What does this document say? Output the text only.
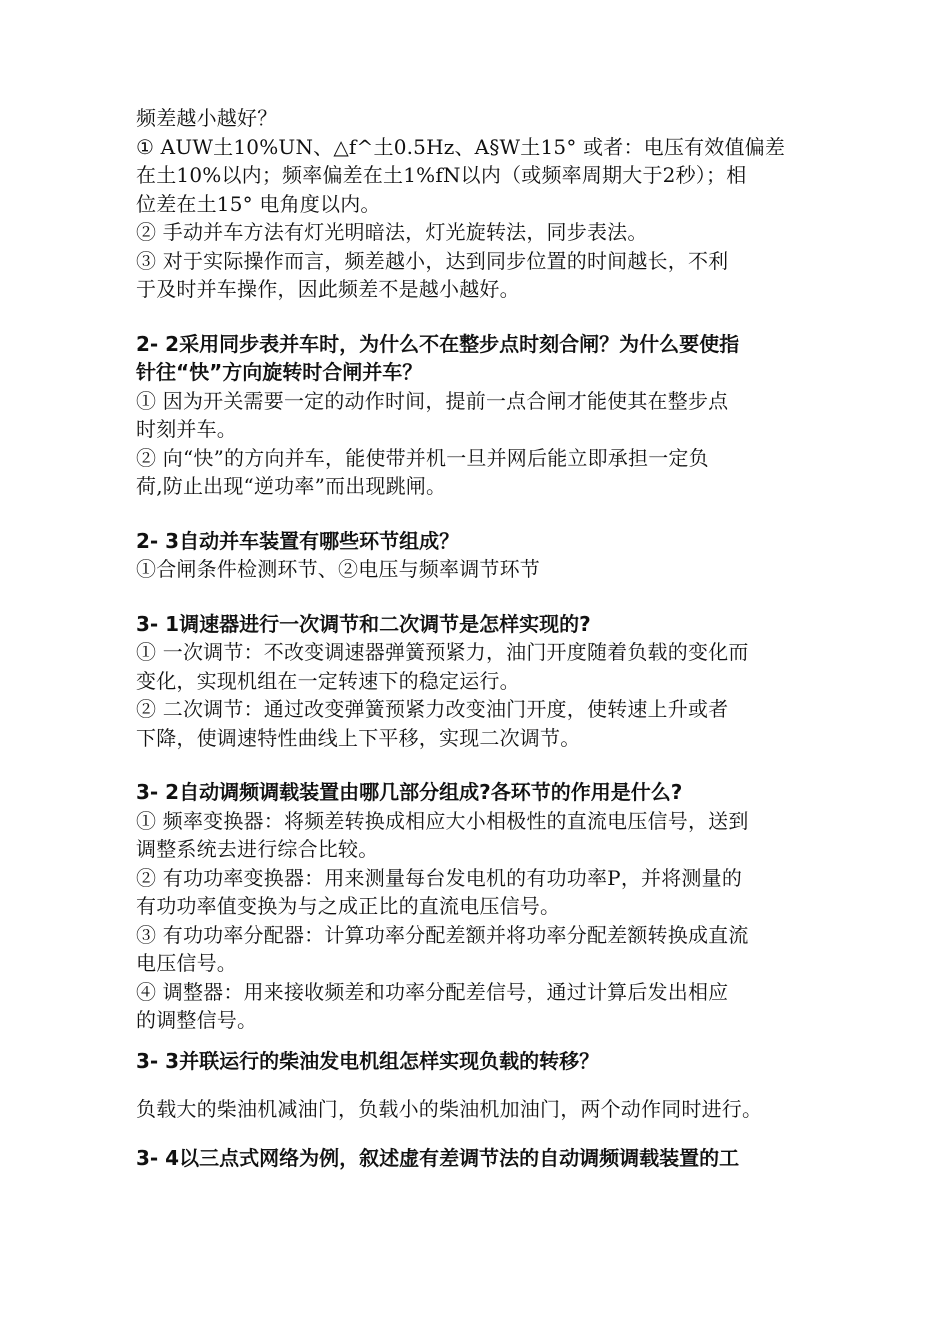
频差越小越好？
① AUW土10%UN、△f^土0.5Hz、A§W土15° 或者：电压有效值偏差
在土10%以内；频率偏差在土1%fN以内（或频率周期大于2秒）；相
位差在土15° 电角度以内。
② 手动并车方法有灯光明暗法，灯光旋转法，同步表法。
③ 对于实际操作而言，频差越小，达到同步位置的时间越长，不利
于及时并车操作，因此频差不是越小越好。
2- 2采用同步表并车时，为什么不在整步点时刻合闸？为什么要使指
针往“快”方向旋转时合闸并车？
① 因为开关需要一定的动作时间，提前一点合闸才能使其在整步点
时刻并车。
② 向“快”的方向并车，能使带并机一旦并网后能立即承担一定负
荷,防止出现“逆功率”而出现跳闸。
2- 3自动并车装置有哪些环节组成？
①合闸条件检测环节、②电压与频率调节环节
3- 1调速器进行一次调节和二次调节是怎样实现的?
① 一次调节：不改变调速器弹簧预紧力，油门开度随着负载的变化而
变化，实现机组在一定转速下的稳定运行。
② 二次调节：通过改变弹簧预紧力改变油门开度，使转速上升或者
下降，使调速特性曲线上下平移，实现二次调节。
3- 2自动调频调载装置由哪几部分组成?各环节的作用是什么?
① 频率变换器：将频差转换成相应大小相极性的直流电压信号，送到
调整系统去进行综合比较。
② 有功功率变换器：用来测量每台发电机的有功功率P，并将测量的
有功功率值变换为与之成正比的直流电压信号。
③ 有功功率分配器：计算功率分配差额并将功率分配差额转换成直流
电压信号。
④ 调整器：用来接收频差和功率分配差信号，通过计算后发出相应
的调整信号。
3- 3并联运行的柴油发电机组怎样实现负载的转移？
负载大的柴油机减油门，负载小的柴油机加油门，两个动作同时进行。
3- 4以三点式网络为例，叙述虚有差调节法的自动调频调载装置的工
